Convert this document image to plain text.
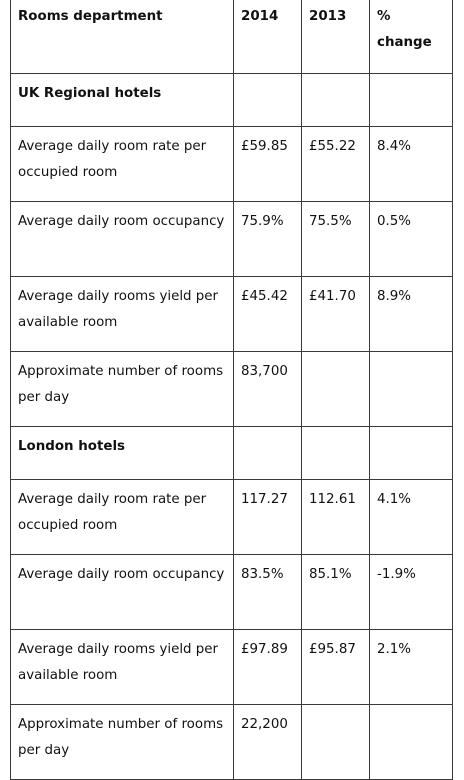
Rooms department	2014	2013	% change
UK Regional hotels			
Average daily room rate per occupied room	£59.85	£55.22	8.4%
Average daily room occupancy	75.9%	75.5%	0.5%
Average daily rooms yield per available room	£45.42	£41.70	8.9%
Approximate number of rooms per day	83,700		
London hotels			
Average daily room rate per occupied room	117.27	112.61	4.1%
Average daily room occupancy	83.5%	85.1%	-1.9%
Average daily rooms yield per available room	£97.89	£95.87	2.1%
Approximate number of rooms per day	22,200		
